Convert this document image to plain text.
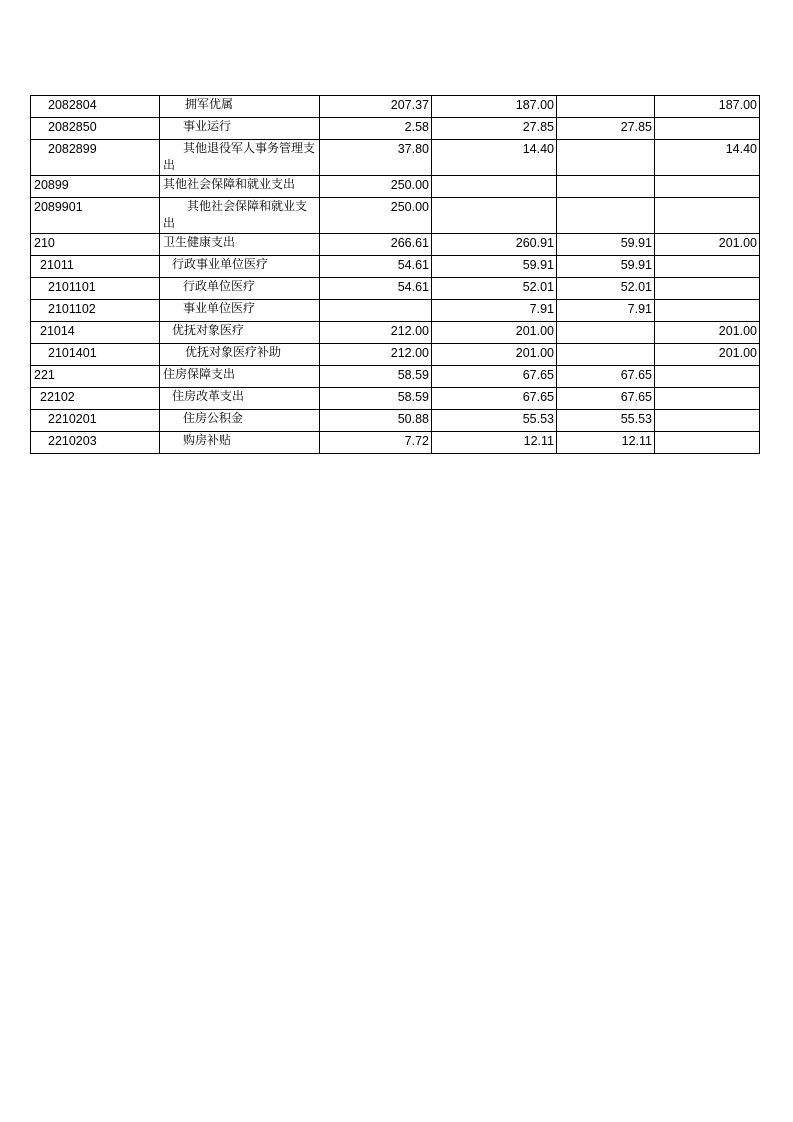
2082804	拥军优属	207.37	187.00		187.00
2082850	事业运行	2.58	27.85	27.85	
2082899	其他退役军人事务管理支出	37.80	14.40		14.40
20899	其他社会保障和就业支出	250.00			
2089901	其他社会保障和就业支出	250.00			
210	卫生健康支出	266.61	260.91	59.91	201.00
21011	行政事业单位医疗	54.61	59.91	59.91	
2101101	行政单位医疗	54.61	52.01	52.01	
2101102	事业单位医疗		7.91	7.91	
21014	优抚对象医疗	212.00	201.00		201.00
2101401	优抚对象医疗补助	212.00	201.00		201.00
221	住房保障支出	58.59	67.65	67.65	
22102	住房改革支出	58.59	67.65	67.65	
2210201	住房公积金	50.88	55.53	55.53	
2210203	购房补贴	7.72	12.11	12.11	
